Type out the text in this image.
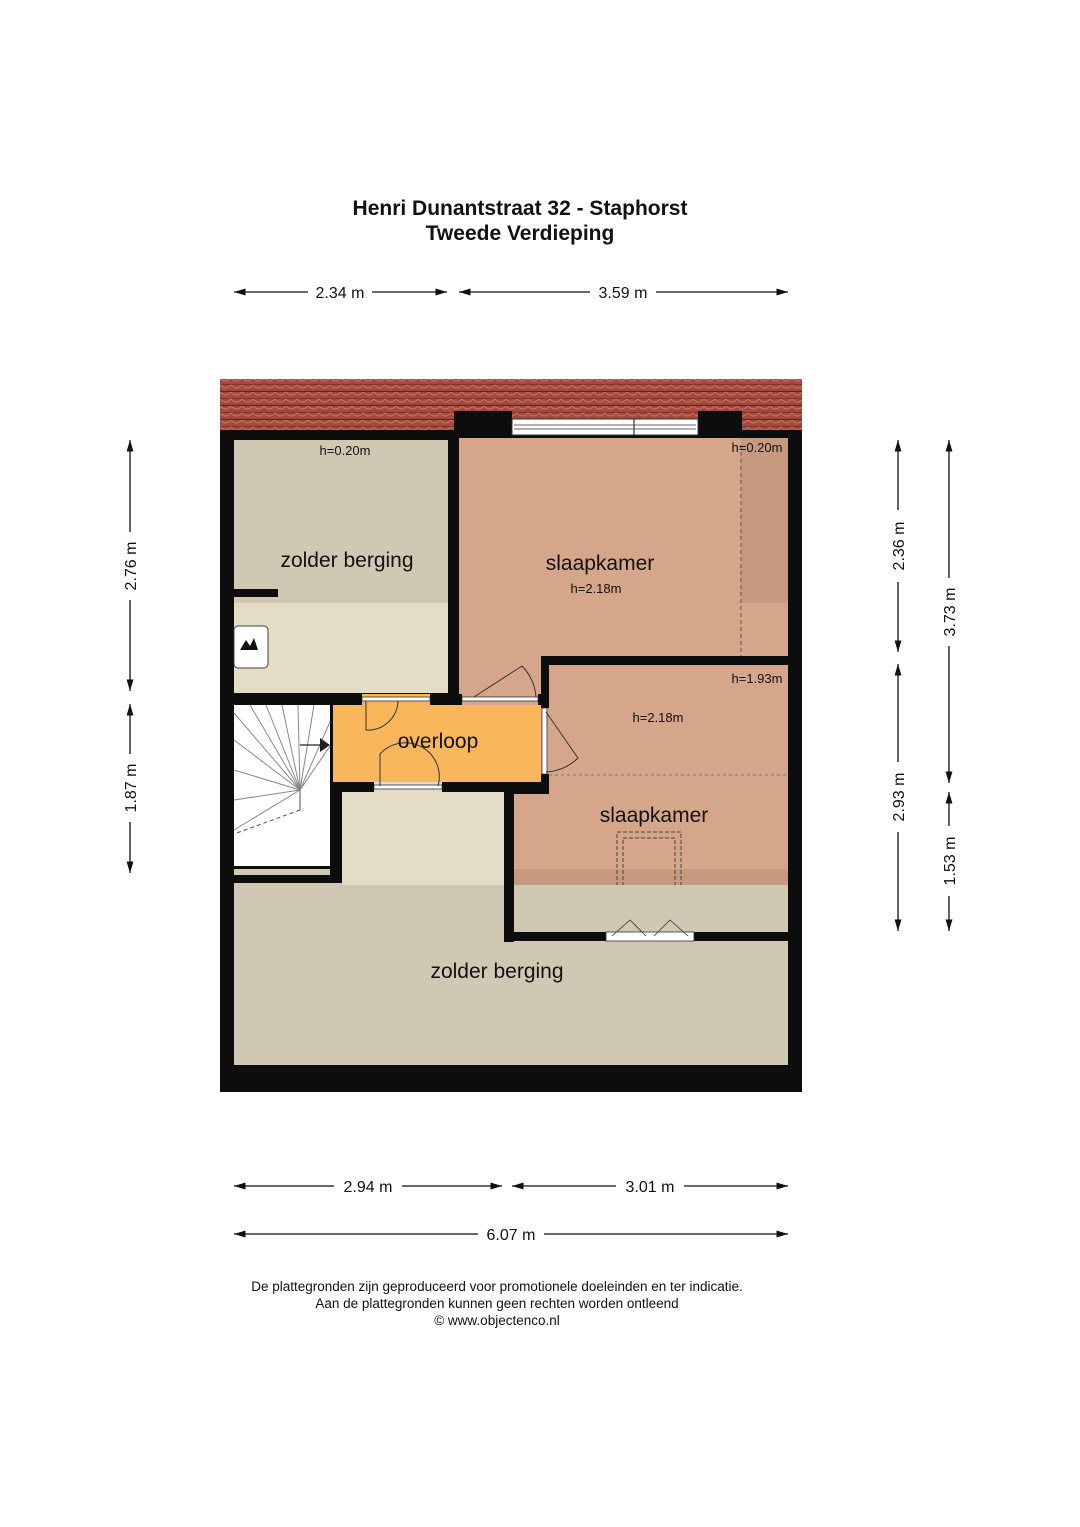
Henri Dunantstraat 32 - Staphorst
Tweede Verdieping
zolder berging	slaapkamer
overloop
slaapkamer
zolder berging
h=0.20m	h=0.20m
h=2.18m
h=1.93m
h=2.18m
2.34 m	3.59 m
2.76 m
1.87 m
2.36 m
2.93 m
3.73 m
1.53 m
2.94 m	3.01 m
6.07 m
De plattegronden zijn geproduceerd voor promotionele doeleinden en ter indicatie.
Aan de plattegronden kunnen geen rechten worden ontleend
© www.objectenco.nl
